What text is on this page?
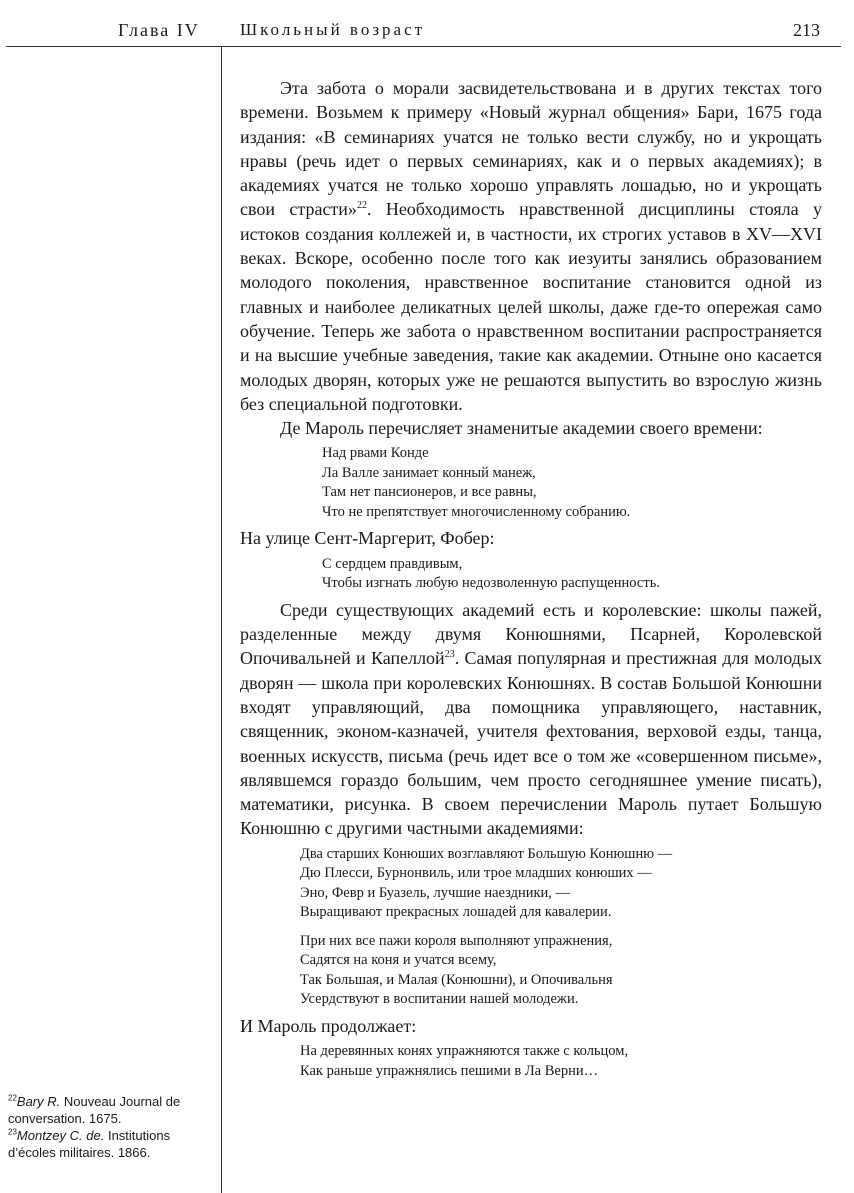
Глава IV Школьный возраст	213

Эта забота о морали засвидетельствована и в других текстах того времени. Возьмем к примеру «Новый журнал общения» Бари, 1675 года издания: «В семинариях учатся не только вести службу, но и укрощать нравы (речь идет о первых семинариях, как и о первых академиях); в академиях учатся не только хорошо управлять лошадью, но и укрощать свои страсти»$^{22}$. Необходимость нравственной дисциплины стояла у истоков создания коллежей и, в частности, их строгих уставов в XV—XVI веках. Вскоре, особенно после того как иезуиты занялись образованием молодого поколения, нравственное воспитание становится одной из главных и наиболее деликатных целей школы, даже где-то опережая само обучение. Теперь же забота о нравственном воспитании распространяется и на высшие учебные заведения, такие как академии. Отныне оно касается молодых дворян, которых уже не решаются выпустить во взрослую жизнь без специальной подготовки.

Де Мароль перечисляет знаменитые академии своего времени:

Над рвами Конде
Ла Валле занимает конный манеж,
Там нет пансионеров, и все равны,
Что не препятствует многочисленному собранию.

На улице Сент-Маргерит, Фобер:

С сердцем правдивым,
Чтобы изгнать любую недозволенную распущенность.

Среди существующих академий есть и королевские: школы пажей, разделенные между двумя Конюшнями, Псарней, Королевской Опочивальней и Капеллой$^{23}$. Самая популярная и престижная для молодых дворян — школа при королевских Конюшнях. В состав Большой Конюшни входят управляющий, два помощника управляющего, наставник, священник, эконом-казначей, учителя фехтования, верховой езды, танца, военных искусств, письма (речь идет все о том же «совершенном письме», являвшемся гораздо большим, чем просто сегодняшнее умение писать), математики, рисунка. В своем перечислении Мароль путает Большую Конюшню с другими частными академиями:

Два старших Конюших возглавляют Большую Конюшню —
Дю Плесси, Бурнонвиль, или трое младших конюших —
Эно, Февр и Буазель, лучшие наездники, —
Выращивают прекрасных лошадей для кавалерии.
При них все пажи короля выполняют упражнения,
Садятся на коня и учатся всему,
Так Большая, и Малая (Конюшни), и Опочивальня
Усердствуют в воспитании нашей молодежи.

И Мароль продолжает:

На деревянных конях упражняются также с кольцом,
Как раньше упражнялись пешими в Ла Верни…
$^{22}$Bary R. Nouveau Journal de conversation. 1675.
$^{23}$Montzey C. de. Institutions d’écoles militaires. 1866.
